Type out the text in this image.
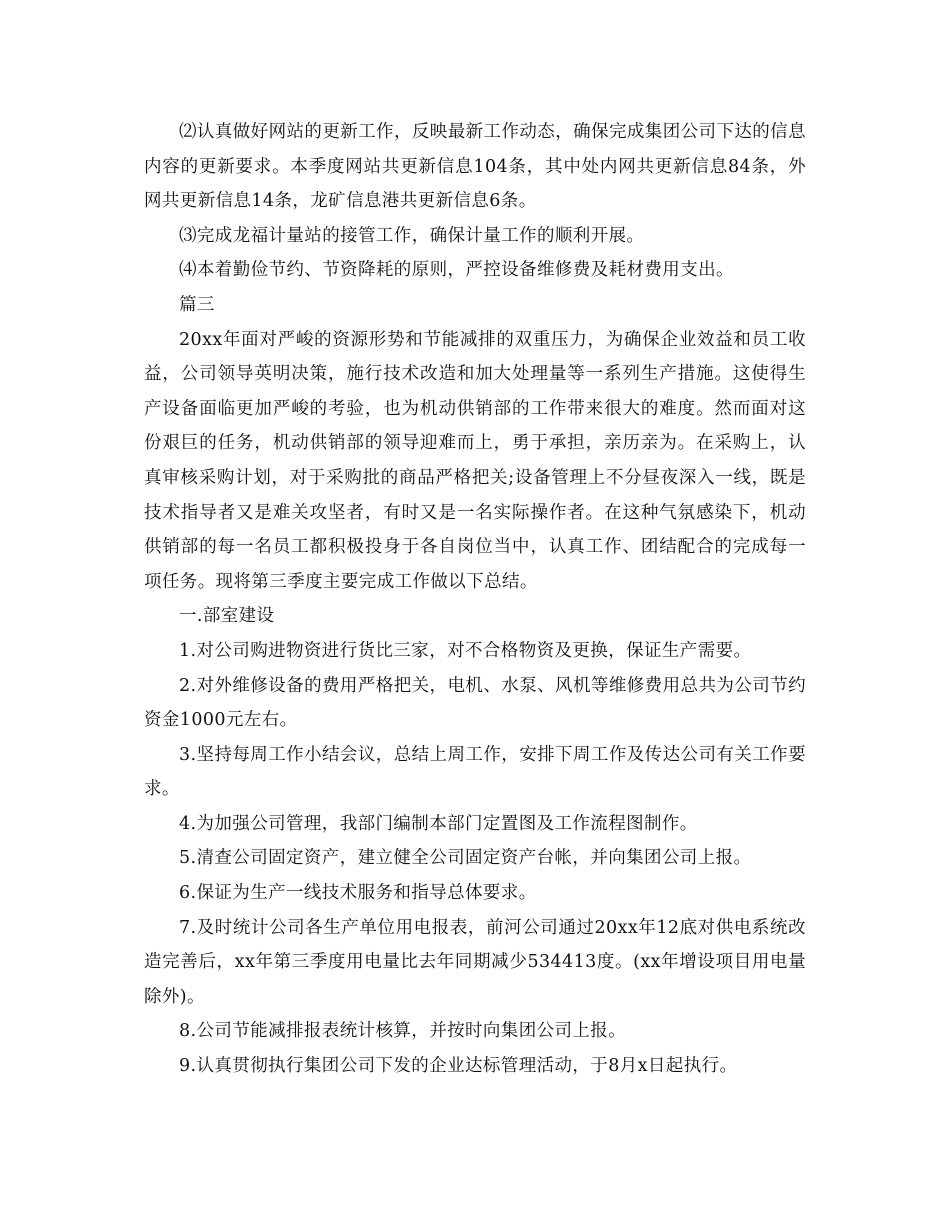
⑵认真做好网站的更新工作，反映最新工作动态，确保完成集团公司下达的信息内容的更新要求。本季度网站共更新信息104条，其中处内网共更新信息84条，外网共更新信息14条，龙矿信息港共更新信息6条。

⑶完成龙福计量站的接管工作，确保计量工作的顺利开展。

⑷本着勤俭节约、节资降耗的原则，严控设备维修费及耗材费用支出。

篇三

20xx年面对严峻的资源形势和节能减排的双重压力，为确保企业效益和员工收益，公司领导英明决策，施行技术改造和加大处理量等一系列生产措施。这使得生产设备面临更加严峻的考验，也为机动供销部的工作带来很大的难度。然而面对这份艰巨的任务，机动供销部的领导迎难而上，勇于承担，亲历亲为。在采购上，认真审核采购计划，对于采购批的商品严格把关;设备管理上不分昼夜深入一线，既是技术指导者又是难关攻坚者，有时又是一名实际操作者。在这种气氛感染下，机动供销部的每一名员工都积极投身于各自岗位当中，认真工作、团结配合的完成每一项任务。现将第三季度主要完成工作做以下总结。

一.部室建设

1.对公司购进物资进行货比三家，对不合格物资及更换，保证生产需要。

2.对外维修设备的费用严格把关，电机、水泵、风机等维修费用总共为公司节约资金1000元左右。

3.坚持每周工作小结会议，总结上周工作，安排下周工作及传达公司有关工作要求。

4.为加强公司管理，我部门编制本部门定置图及工作流程图制作。

5.清查公司固定资产，建立健全公司固定资产台帐，并向集团公司上报。

6.保证为生产一线技术服务和指导总体要求。

7.及时统计公司各生产单位用电报表，前河公司通过20xx年12底对供电系统改造完善后，xx年第三季度用电量比去年同期减少534413度。(xx年增设项目用电量除外)。

8.公司节能减排报表统计核算，并按时向集团公司上报。

9.认真贯彻执行集团公司下发的企业达标管理活动，于8月x日起执行。
